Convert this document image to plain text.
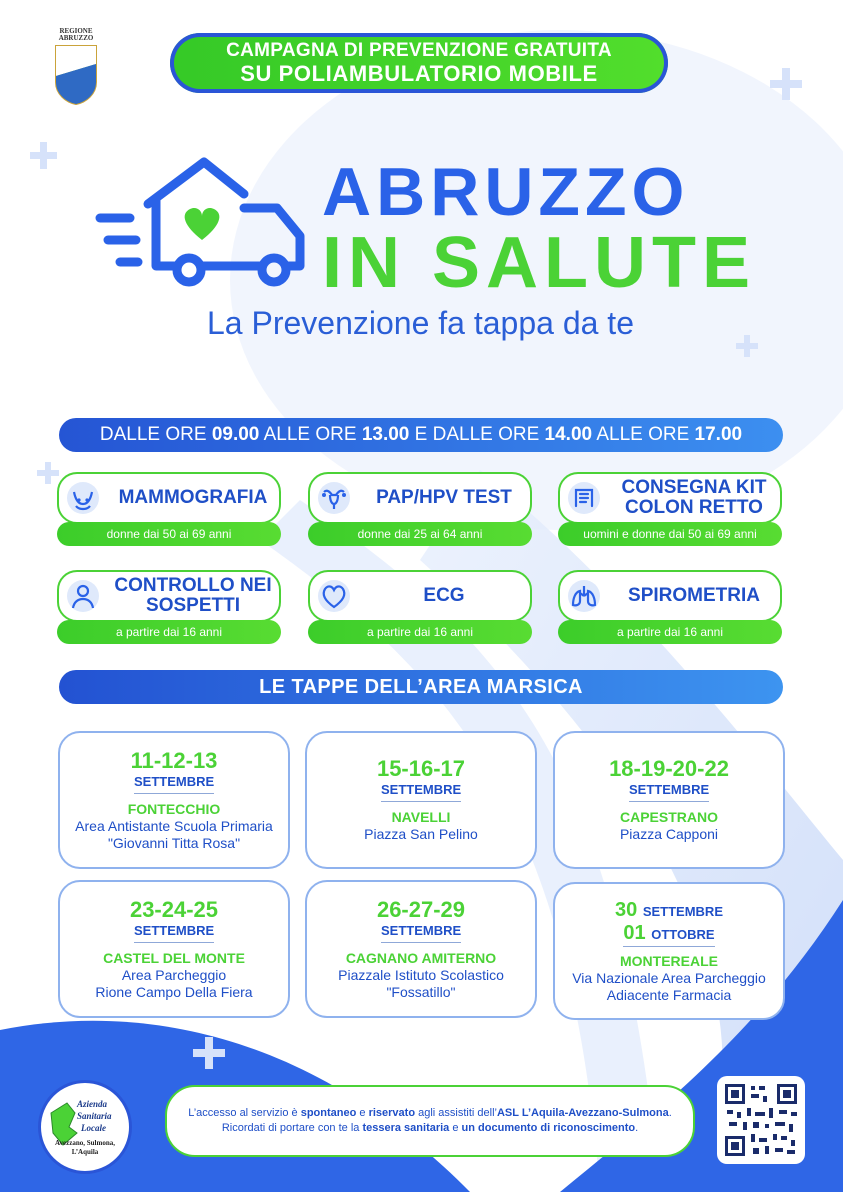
REGIONE
ABRUZZO
CAMPAGNA DI PREVENZIONE GRATUITA
SU POLIAMBULATORIO MOBILE
ABRUZZO
IN SALUTE
La Prevenzione fa tappa da te
DALLE ORE 09.00 ALLE ORE 13.00 E DALLE ORE 14.00 ALLE ORE 17.00
MAMMOGRAFIA
donne dai 50 ai 69 anni
PAP/HPV TEST
donne dai 25 ai 64 anni
CONSEGNA KIT
COLON RETTO
uomini e donne dai 50 ai 69 anni
CONTROLLO NEI
SOSPETTI
a partire dai 16 anni
ECG
a partire dai 16 anni
SPIROMETRIA
a partire dai 16 anni
LE TAPPE DELL’AREA MARSICA
11-12-13
SETTEMBRE
FONTECCHIO
Area Antistante Scuola Primaria
"Giovanni Titta Rosa"
15-16-17
SETTEMBRE
NAVELLI
Piazza San Pelino
18-19-20-22
SETTEMBRE
CAPESTRANO
Piazza Capponi
23-24-25
SETTEMBRE
CASTEL DEL MONTE
Area Parcheggio
Rione Campo Della Fiera
26-27-29
SETTEMBRE
CAGNANO AMITERNO
Piazzale Istituto Scolastico
"Fossatillo"
30 SETTEMBRE
01 OTTOBRE
MONTEREALE
Via Nazionale Area Parcheggio
Adiacente Farmacia
Azienda
Sanitaria
Locale
Avezzano, Sulmona,
L’Aquila
L’accesso al servizio è spontaneo e riservato agli assistiti dell’ASL L’Aquila-Avezzano-Sulmona.
Ricordati di portare con te la tessera sanitaria e un documento di riconoscimento.
